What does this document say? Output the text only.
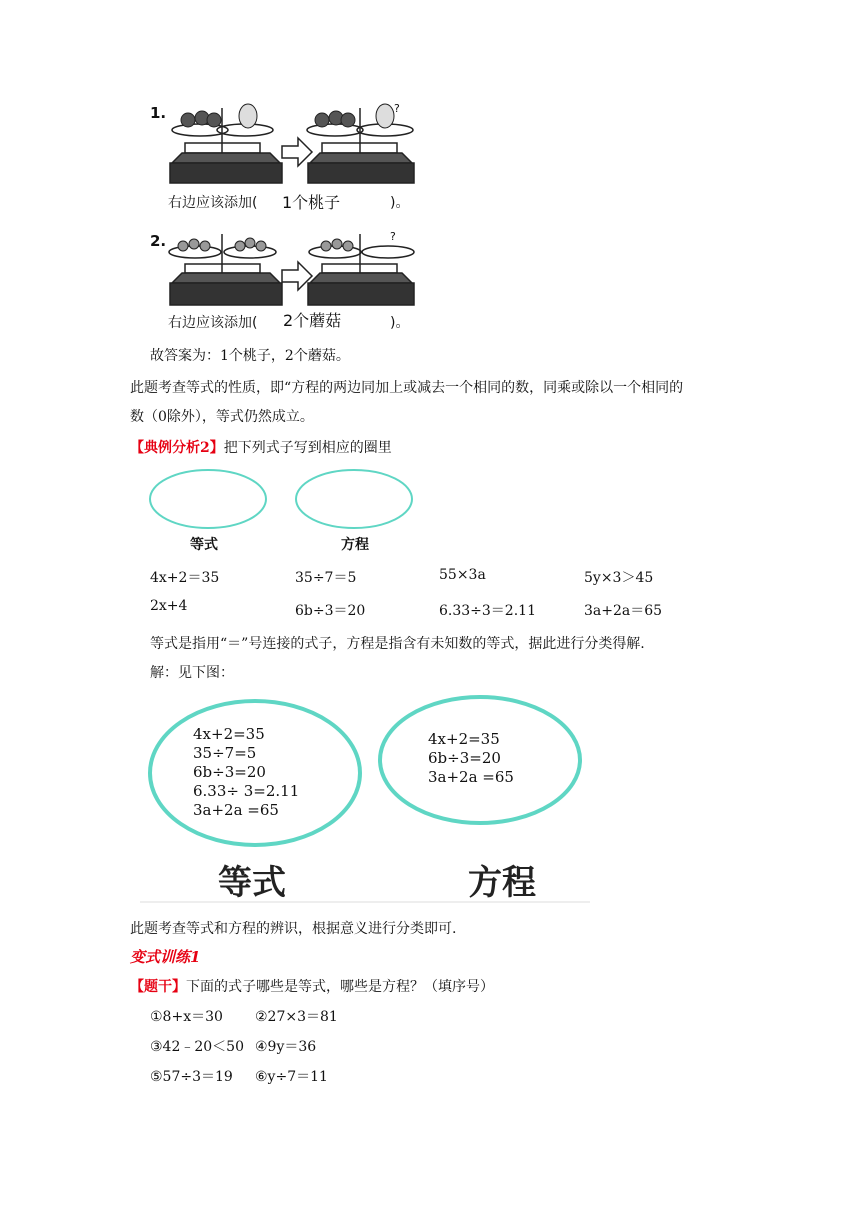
1.	?
右边应该添加( 1个桃子	)。
2.	?
右边应该添加( 2个蘑菇	)。
故答案为：1个桃子，2个蘑菇。
此题考查等式的性质，即“方程的两边同加上或减去一个相同的数，同乘或除以一个相同的
数（0除外），等式仍然成立。
【典例分析2】把下列式子写到相应的圈里
等式	方程
4x+2＝35	35÷7＝5	55×3a	5y×3＞45
2x+4	6b÷3＝20	6.33÷3＝2.11	3a+2a＝65
等式是指用“＝”号连接的式子，方程是指含有未知数的等式，据此进行分类得解.
解：见下图：
4x+2=35
35÷7=5
6b÷3=20
6.33÷ 3=2.11
3a+2a =65
4x+2=35
6b÷3=20
3a+2a =65
等式	方程
此题考查等式和方程的辨识，根据意义进行分类即可.
变式训练1
【题干】下面的式子哪些是等式，哪些是方程？（填序号）
①8+x＝30 ②27×3＝81
③42﹣20＜50 ④9y＝36
⑤57÷3＝19 ⑥y÷7＝11
